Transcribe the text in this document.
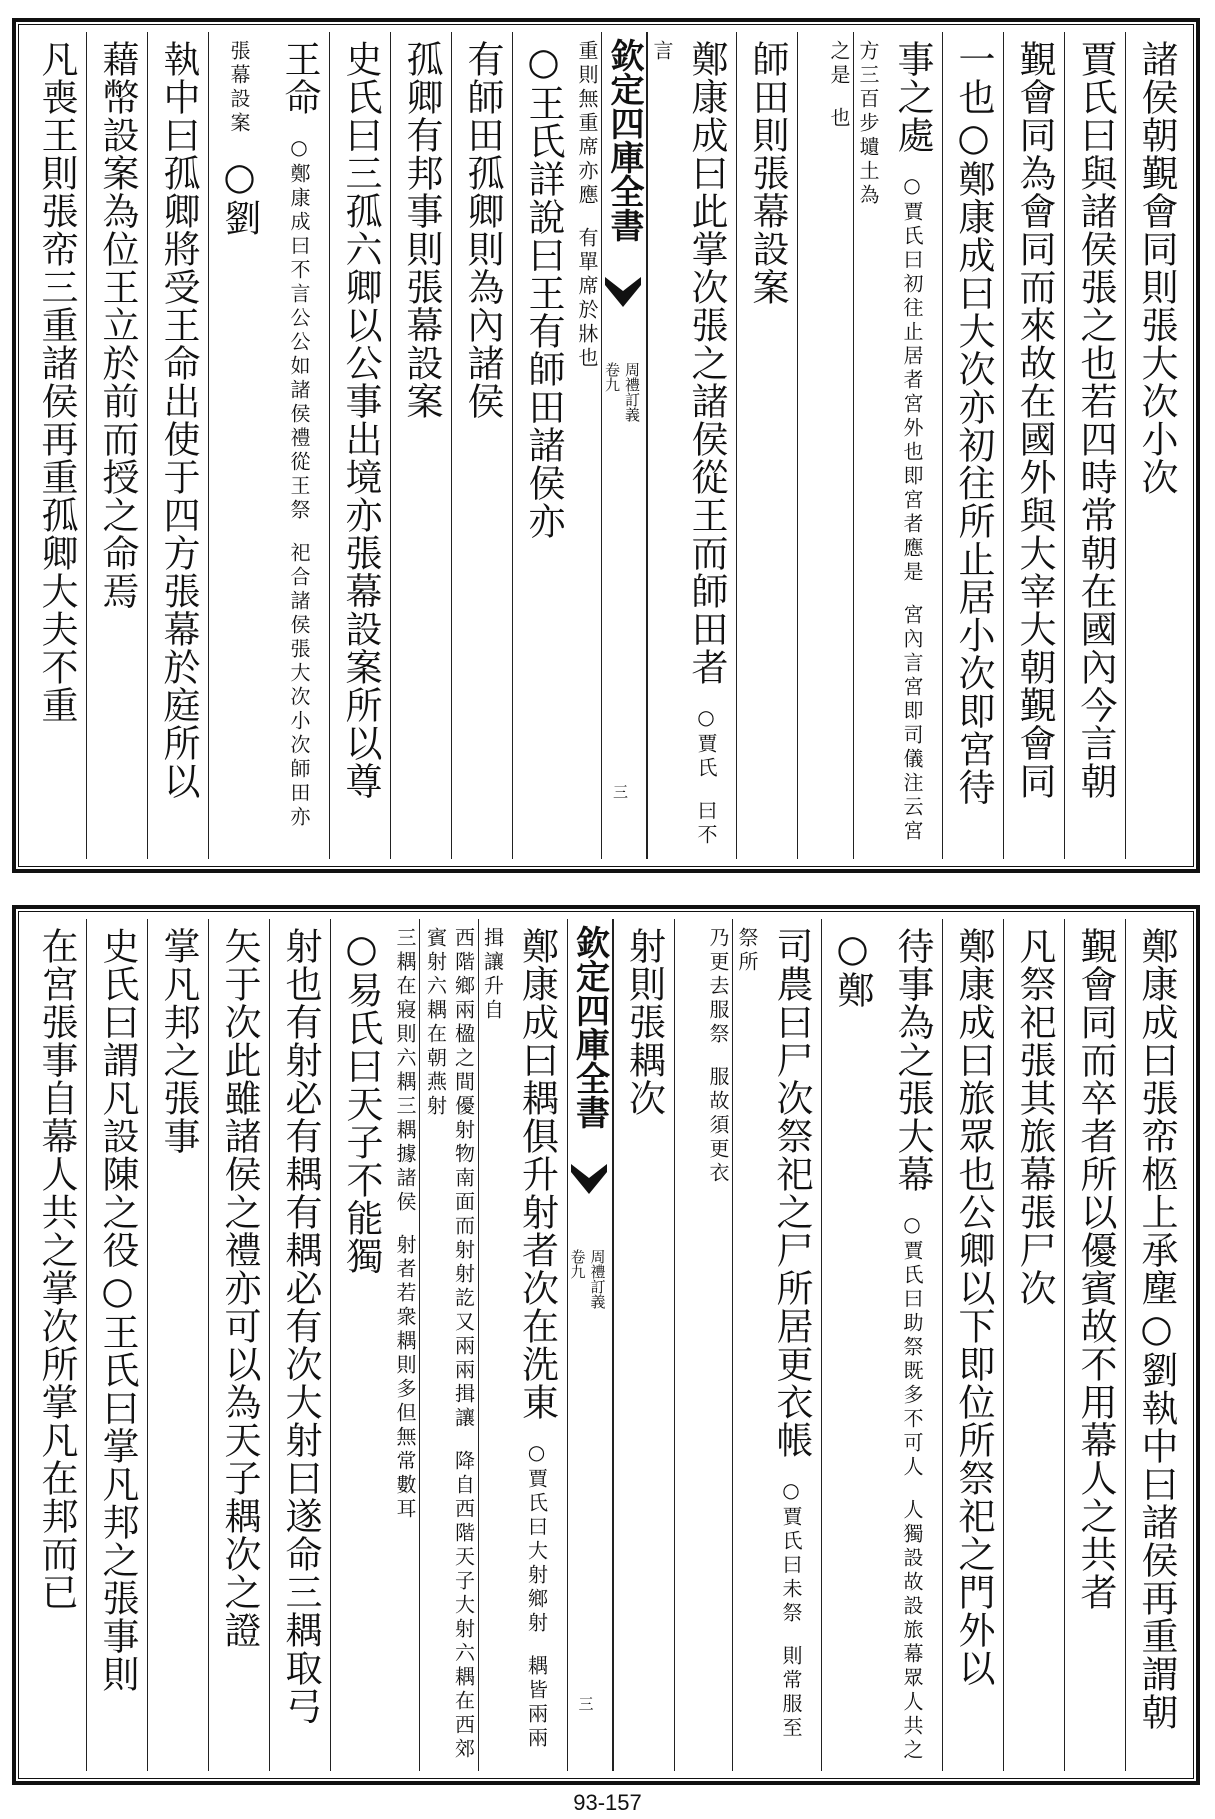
諸侯朝覲會同則張大次小次
賈氏曰與諸侯張之也若四時常朝在國內今言朝
覲會同為會同而來故在國外與大宰大朝覲會同
一也○鄭康成曰大次亦初往所止居小次即宮待
事之處 ○賈氏曰初往止居者宮外也即宮者應是 宮內言宮即司儀注云宮方三百步壝土為
之是 也
師田則張幕設案
鄭康成曰此掌次張之諸侯從王而師田者 ○賈氏 曰不言
欽定四庫全書
周禮訂義
卷九
三
重則無重席亦應 有單席於牀也 ○王氏詳說曰王有師田諸侯亦
有師田孤卿則為內諸侯
孤卿有邦事則張幕設案
史氏曰三孤六卿以公事出境亦張幕設案所以尊
王命 ○鄭康成曰不言公公如諸侯禮從王祭 祀合諸侯張大次小次師田亦張幕設案 ○劉
執中曰孤卿將受王命出使于四方張幕於庭所以
藉幣設案為位王立於前而授之命焉
凡喪王則張帟三重諸侯再重孤卿大夫不重
鄭康成曰張帟柩上承塵○劉執中曰諸侯再重謂朝
覲會同而卒者所以優賓故不用幕人之共者
凡祭祀張其旅幕張尸次
鄭康成曰旅眾也公卿以下即位所祭祀之門外以
待事為之張大幕 ○賈氏曰助祭既多不可人 人獨設故設旅幕眾人共之 ○鄭
司農曰尸次祭祀之尸所居更衣帳 ○賈氏曰未祭 則常服至祭所
乃更去服祭 服故須更衣
射則張耦次
欽定四庫全書
周禮訂義
卷九
三
鄭康成曰耦俱升射者次在洗東 ○賈氏曰大射鄉射 耦皆兩兩揖讓升自
西階鄉兩楹之間優射物南面而射射訖又兩兩揖讓 降自西階天子大射六耦在西郊賓射六耦在朝燕射
三耦在寢則六耦三耦據諸侯 射者若衆耦則多但無常數耳 ○易氏曰天子不能獨
射也有射必有耦有耦必有次大射曰遂命三耦取弓
矢于次此雖諸侯之禮亦可以為天子耦次之證
掌凡邦之張事
史氏曰謂凡設陳之役○王氏曰掌凡邦之張事則
在宮張事自幕人共之掌次所掌凡在邦而已
93-157
